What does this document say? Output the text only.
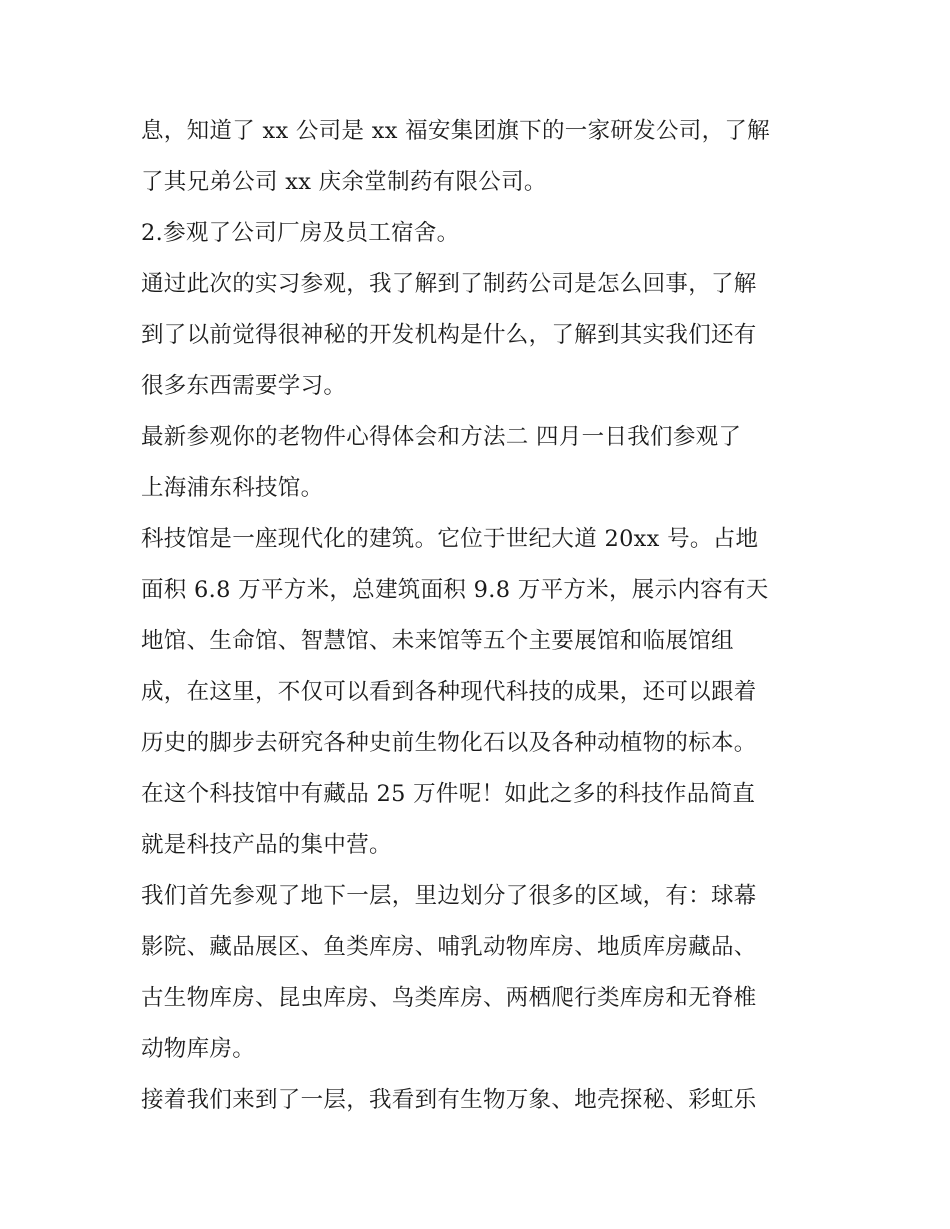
息，知道了 xx 公司是 xx 福安集团旗下的一家研发公司，了解
了其兄弟公司 xx 庆余堂制药有限公司。
2.参观了公司厂房及员工宿舍。
通过此次的实习参观，我了解到了制药公司是怎么回事，了解
到了以前觉得很神秘的开发机构是什么，了解到其实我们还有
很多东西需要学习。
最新参观你的老物件心得体会和方法二 四月一日我们参观了
上海浦东科技馆。
科技馆是一座现代化的建筑。它位于世纪大道 20xx 号。占地
面积 6.8 万平方米，总建筑面积 9.8 万平方米，展示内容有天
地馆、生命馆、智慧馆、未来馆等五个主要展馆和临展馆组
成，在这里，不仅可以看到各种现代科技的成果，还可以跟着
历史的脚步去研究各种史前生物化石以及各种动植物的标本。
在这个科技馆中有藏品 25 万件呢！如此之多的科技作品简直
就是科技产品的集中营。
我们首先参观了地下一层，里边划分了很多的区域，有：球幕
影院、藏品展区、鱼类库房、哺乳动物库房、地质库房藏品、
古生物库房、昆虫库房、鸟类库房、两栖爬行类库房和无脊椎
动物库房。
接着我们来到了一层，我看到有生物万象、地壳探秘、彩虹乐
